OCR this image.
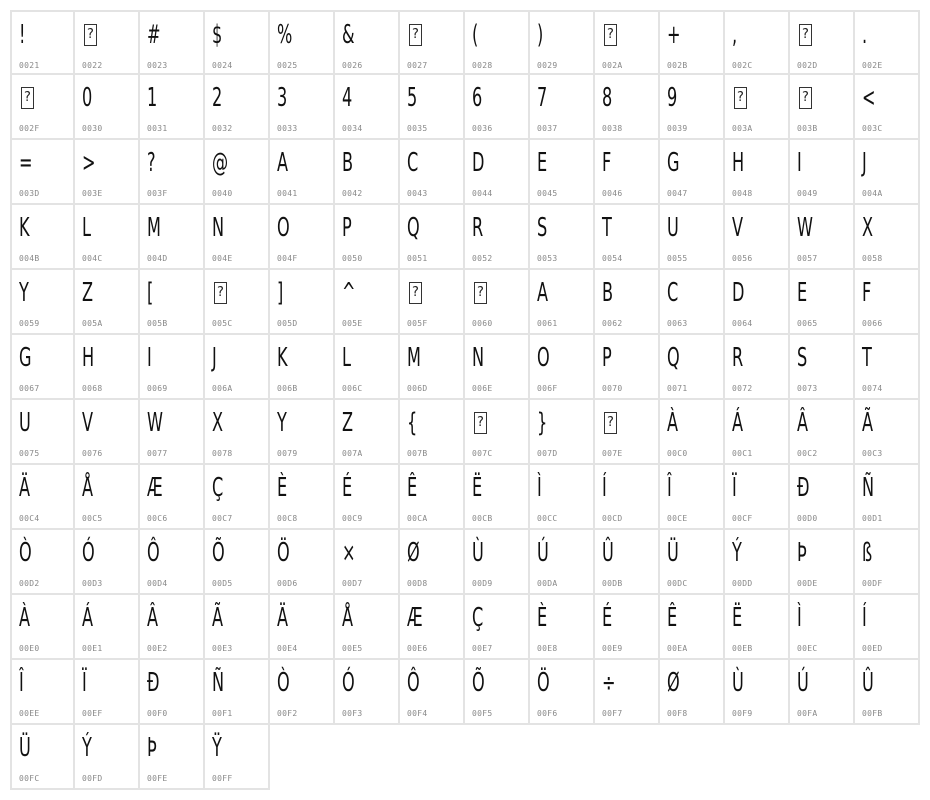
!
0021
?
0022
#
0023
$
0024
%
0025
&
0026
?
0027
(
0028
)
0029
?
002A
+
002B
,
002C
?
002D
.
002E
?
002F
0
0030
1
0031
2
0032
3
0033
4
0034
5
0035
6
0036
7
0037
8
0038
9
0039
?
003A
?
003B
<
003C
=
003D
>
003E
?
003F
@
0040
A
0041
B
0042
C
0043
D
0044
E
0045
F
0046
G
0047
H
0048
I
0049
J
004A
K
004B
L
004C
M
004D
N
004E
O
004F
P
0050
Q
0051
R
0052
S
0053
T
0054
U
0055
V
0056
W
0057
X
0058
Y
0059
Z
005A
[
005B
?
005C
]
005D
^
005E
?
005F
?
0060
A
0061
B
0062
C
0063
D
0064
E
0065
F
0066
G
0067
H
0068
I
0069
J
006A
K
006B
L
006C
M
006D
N
006E
O
006F
P
0070
Q
0071
R
0072
S
0073
T
0074
U
0075
V
0076
W
0077
X
0078
Y
0079
Z
007A
{
007B
?
007C
}
007D
?
007E
À
00C0
Á
00C1
Â
00C2
Ã
00C3
Ä
00C4
Å
00C5
Æ
00C6
Ç
00C7
È
00C8
É
00C9
Ê
00CA
Ë
00CB
Ì
00CC
Í
00CD
Î
00CE
Ï
00CF
Đ
00D0
Ñ
00D1
Ò
00D2
Ó
00D3
Ô
00D4
Õ
00D5
Ö
00D6
×
00D7
Ø
00D8
Ù
00D9
Ú
00DA
Û
00DB
Ü
00DC
Ý
00DD
Þ
00DE
ß
00DF
À
00E0
Á
00E1
Â
00E2
Ã
00E3
Ä
00E4
Å
00E5
Æ
00E6
Ç
00E7
È
00E8
É
00E9
Ê
00EA
Ë
00EB
Ì
00EC
Í
00ED
Î
00EE
Ï
00EF
Đ
00F0
Ñ
00F1
Ò
00F2
Ó
00F3
Ô
00F4
Õ
00F5
Ö
00F6
÷
00F7
Ø
00F8
Ù
00F9
Ú
00FA
Û
00FB
Ü
00FC
Ý
00FD
Þ
00FE
Ÿ
00FF
